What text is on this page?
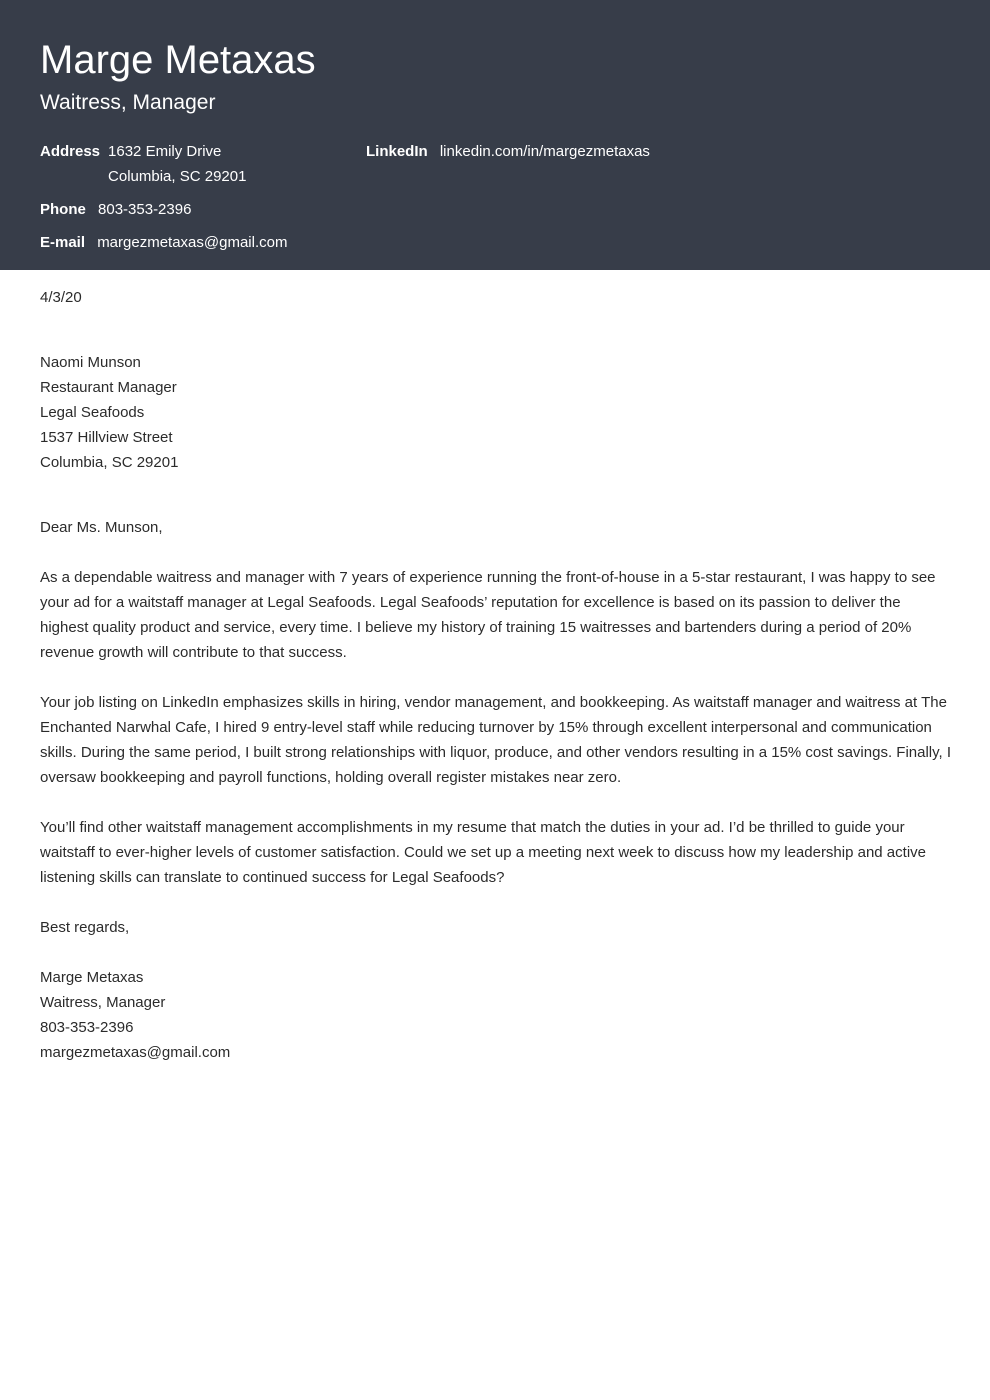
Marge Metaxas
Waitress, Manager
Address 1632 Emily Drive
Columbia, SC 29201
LinkedIn linkedin.com/in/margezmetaxas
Phone 803-353-2396
E-mail margezmetaxas@gmail.com
4/3/20
Naomi Munson
Restaurant Manager
Legal Seafoods
1537 Hillview Street
Columbia, SC 29201
Dear Ms. Munson,

As a dependable waitress and manager with 7 years of experience running the front-of-house in a 5-star restaurant, I was happy to see your ad for a waitstaff manager at Legal Seafoods. Legal Seafoods’ reputation for excellence is based on its passion to deliver the highest quality product and service, every time. I believe my history of training 15 waitresses and bartenders during a period of 20% revenue growth will contribute to that success.

Your job listing on LinkedIn emphasizes skills in hiring, vendor management, and bookkeeping. As waitstaff manager and waitress at The Enchanted Narwhal Cafe, I hired 9 entry-level staff while reducing turnover by 15% through excellent interpersonal and communication skills. During the same period, I built strong relationships with liquor, produce, and other vendors resulting in a 15% cost savings. Finally, I oversaw bookkeeping and payroll functions, holding overall register mistakes near zero.

You’ll find other waitstaff management accomplishments in my resume that match the duties in your ad. I’d be thrilled to guide your waitstaff to ever-higher levels of customer satisfaction. Could we set up a meeting next week to discuss how my leadership and active listening skills can translate to continued success for Legal Seafoods?

Best regards,
Marge Metaxas
Waitress, Manager
803-353-2396
margezmetaxas@gmail.com
